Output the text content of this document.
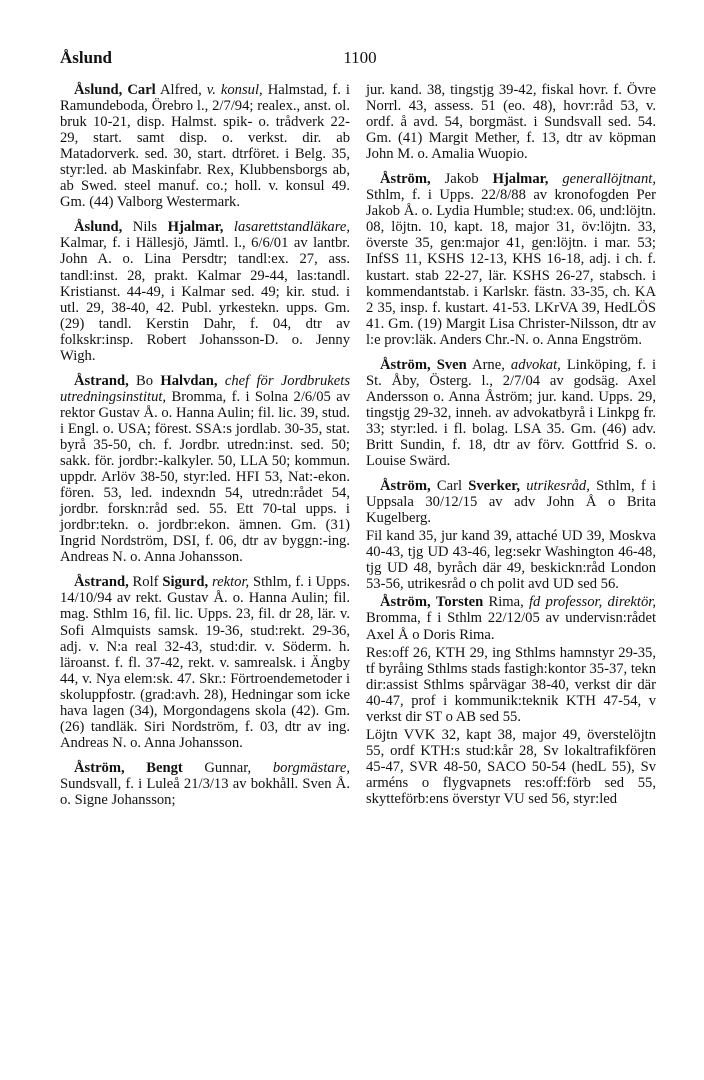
Åslund	1100

Åslund, Carl Alfred, v. konsul, Halmstad, f. i Ramundeboda, Örebro l., 2/7/94; realex., anst. ol. bruk 10-21, disp. Halmst. spik- o. trådverk 22-29, start. samt disp. o. verkst. dir. ab Matadorverk. sed. 30, start. dtrföret. i Belg. 35, styr:led. ab Maskinfabr. Rex, Klubbensborgs ab, ab Swed. steel manuf. co.; holl. v. konsul 49. Gm. (44) Valborg Westermark.

Åslund, Nils Hjalmar, lasarettstandläkare, Kalmar, f. i Hällesjö, Jämtl. l., 6/6/01 av lantbr. John A. o. Lina Persdtr; tandl:ex. 27, ass. tandl:inst. 28, prakt. Kalmar 29-44, las:tandl. Kristianst. 44-49, i Kalmar sed. 49; kir. stud. i utl. 29, 38-40, 42. Publ. yrkestekn. upps. Gm. (29) tandl. Kerstin Dahr, f. 04, dtr av folkskr:insp. Robert Johansson-D. o. Jenny Wigh.

Åstrand, Bo Halvdan, chef för Jordbrukets utredningsinstitut, Bromma, f. i Solna 2/6/05 av rektor Gustav Å. o. Hanna Aulin; fil. lic. 39, stud. i Engl. o. USA; förest. SSA:s jordlab. 30-35, stat. byrå 35-50, ch. f. Jordbr. utredn:inst. sed. 50; sakk. för. jordbr:-kalkyler. 50, LLA 50; kommun. uppdr. Arlöv 38-50, styr:led. HFI 53, Nat:-ekon. fören. 53, led. indexndn 54, utredn:rådet 54, jordbr. forskn:råd sed. 55. Ett 70-tal upps. i jordbr:tekn. o. jordbr:ekon. ämnen. Gm. (31) Ingrid Nordström, DSI, f. 06, dtr av byggn:-ing. Andreas N. o. Anna Johansson.

Åstrand, Rolf Sigurd, rektor, Sthlm, f. i Upps. 14/10/94 av rekt. Gustav Å. o. Hanna Aulin; fil. mag. Sthlm 16, fil. lic. Upps. 23, fil. dr 28, lär. v. Sofi Almquists samsk. 19-36, stud:rekt. 29-36, adj. v. N:a real 32-43, stud:dir. v. Söderm. h. läroanst. f. fl. 37-42, rekt. v. samrealsk. i Ängby 44, v. Nya elem:sk. 47. Skr.: Förtroendemetoder i skoluppfostr. (grad:avh. 28), Hedningar som icke hava lagen (34), Morgondagens skola (42). Gm. (26) tandläk. Siri Nordström, f. 03, dtr av ing. Andreas N. o. Anna Johansson.

Åström, Bengt Gunnar, borgmästare, Sundsvall, f. i Luleå 21/3/13 av bokhåll. Sven Å. o. Signe Johansson;

jur. kand. 38, tingstjg 39-42, fiskal hovr. f. Övre Norrl. 43, assess. 51 (eo. 48), hovr:råd 53, v. ordf. å avd. 54, borgmäst. i Sundsvall sed. 54. Gm. (41) Margit Mether, f. 13, dtr av köpman John M. o. Amalia Wuopio.

Åström, Jakob Hjalmar, generallöjtnant, Sthlm, f. i Upps. 22/8/88 av kronofogden Per Jakob Å. o. Lydia Humble; stud:ex. 06, und:löjtn. 08, löjtn. 10, kapt. 18, major 31, öv:löjtn. 33, överste 35, gen:major 41, gen:löjtn. i mar. 53; InfSS 11, KSHS 12-13, KHS 16-18, adj. i ch. f. kustart. stab 22-27, lär. KSHS 26-27, stabsch. i kommendantstab. i Karlskr. fästn. 33-35, ch. KA 2 35, insp. f. kustart. 41-53. LKrVA 39, HedLÖS 41. Gm. (19) Margit Lisa Christer-Nilsson, dtr av l:e prov:läk. Anders Chr.-N. o. Anna Engström.

Åström, Sven Arne, advokat, Linköping, f. i St. Åby, Österg. l., 2/7/04 av godsäg. Axel Andersson o. Anna Åström; jur. kand. Upps. 29, tingstjg 29-32, inneh. av advokatbyrå i Linkpg fr. 33; styr:led. i fl. bolag. LSA 35. Gm. (46) adv. Britt Sundin, f. 18, dtr av förv. Gottfrid S. o. Louise Swärd.

Åström, Carl Sverker, utrikesråd, Sthlm, f i Uppsala 30/12/15 av adv John Å o Brita Kugelberg.

Fil kand 35, jur kand 39, attaché UD 39, Moskva 40-43, tjg UD 43-46, leg:sekr Washington 46-48, tjg UD 48, byråch där 49, beskickn:råd London 53-56, utrikesråd o ch polit avd UD sed 56.

Åström, Torsten Rima, fd professor, direktör, Bromma, f i Sthlm 22/12/05 av undervisn:rådet Axel Å o Doris Rima.

Res:off 26, KTH 29, ing Sthlms hamnstyr 29-35, tf byråing Sthlms stads fastigh:kontor 35-37, tekn dir:assist Sthlms spårvägar 38-40, verkst dir där 40-47, prof i kommunik:teknik KTH 47-54, v verkst dir ST o AB sed 55.

Löjtn VVK 32, kapt 38, major 49, överstelöjtn 55, ordf KTH:s stud:kår 28, Sv lokaltrafikfören 45-47, SVR 48-50, SACO 50-54 (hedL 55), Sv arméns o flygvapnets res:off:förb sed 55, skytteförb:ens överstyr VU sed 56, styr:led
